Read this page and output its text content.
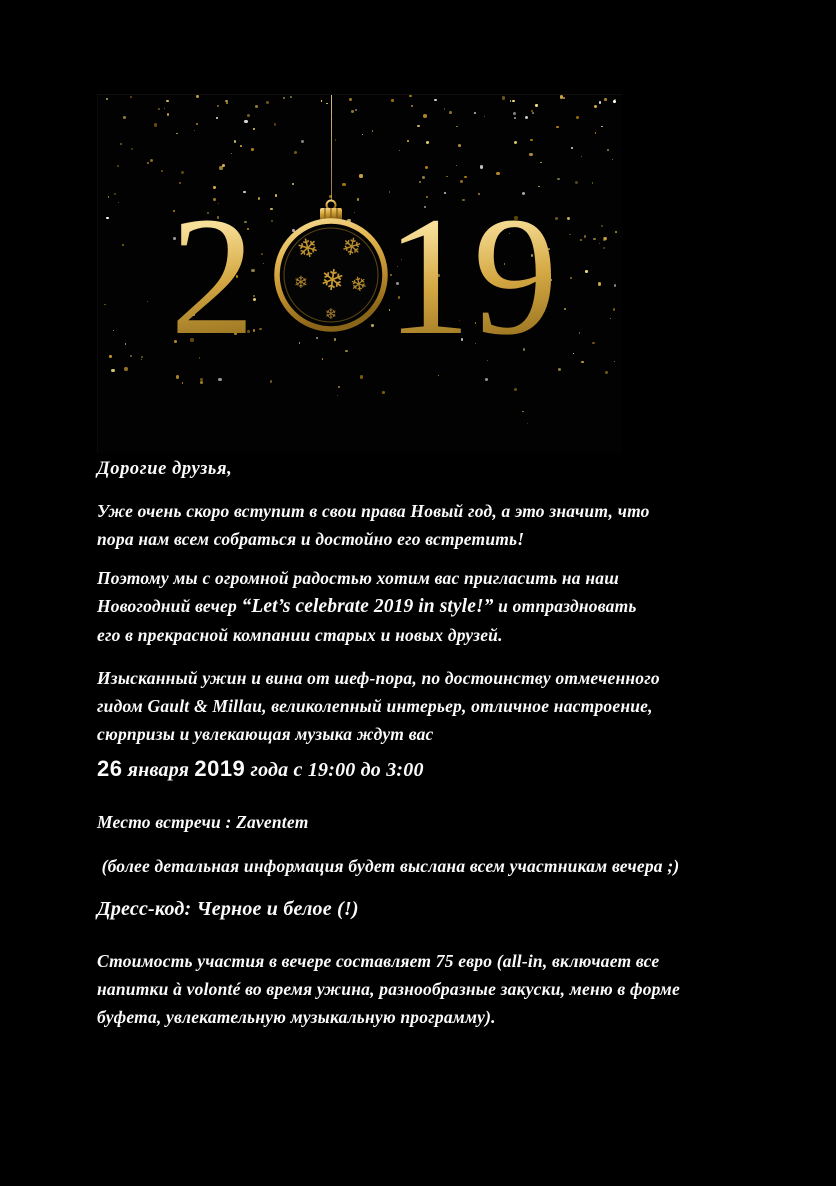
2 19
❄ ❄
❄ ❄ ❄
❄
Дорогие друзья,
Уже очень скоро вступит в свои права Новый год, а это значит, что
пора нам всем собраться и достойно его встретить!
Поэтому мы с огромной радостью хотим вас пригласить на наш
Новогодний вечер “Let’s celebrate 2019 in style!” и отпраздновать
его в прекрасной компании старых и новых друзей.
Изысканный ужин и вина от шеф-пора, по достоинству отмеченного
гидом Gault & Millau, великолепный интерьер, отличное настроение,
сюрпризы и увлекающая музыка ждут вас
26 января 2019 года с 19:00 до 3:00
Место встречи : Zaventem
(более детальная информация будет выслана всем участникам вечера ;)
Дресс-код: Черное и белое (!)
Стоимость участия в вечере составляет 75 евро (all-in, включает все
напитки à volonté во время ужина, разнообразные закуски, меню в форме
буфета, увлекательную музыкальную программу).
